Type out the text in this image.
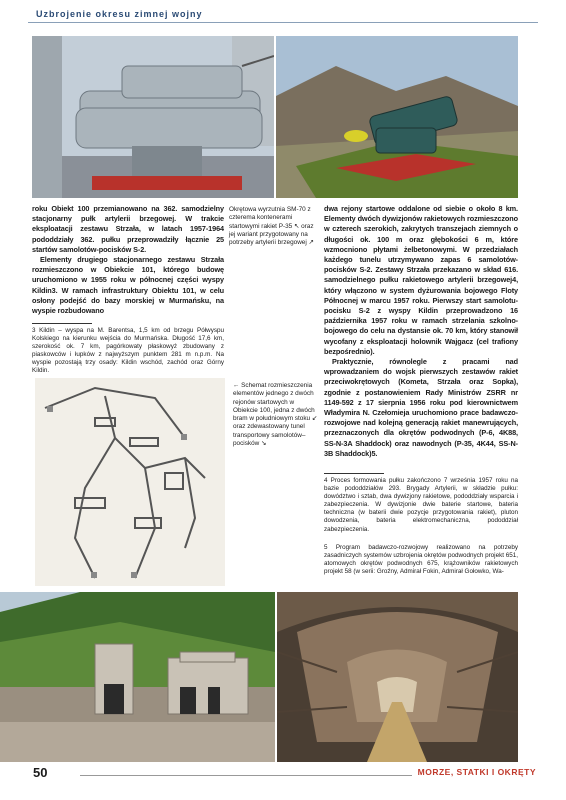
Uzbrojenie okresu zimnej wojny

roku Obiekt 100 przemianowano na 362. samodzielny stacjonarny pułk artylerii brzegowej. W trakcie eksploatacji zestawu Strzała, w latach 1957-1964 pododdziały 362. pułku przeprowadziły łącznie 25 startów samolotów-pocisków S-2.

Elementy drugiego stacjonarnego zestawu Strzała rozmieszczono w Obiekcie 101, którego budowę uruchomiono w 1955 roku w północnej części wyspy Kildin3. W ramach infrastruktury Obiektu 101, w celu osłony podejść do bazy morskiej w Murmańsku, na wyspie rozbudowano

3 Kildin – wyspa na M. Barentsa, 1,5 km od brzegu Półwyspu Kolskiego na kierunku wejścia do Murmańska. Długość 17,6 km, szerokość ok. 7 km, pagórkowaty płaskowyż zbudowany z piaskowców i łupków z najwyższym punktem 281 m n.p.m. Na wyspie pozostają trzy osady: Kildin wschód, zachód oraz Górny Kildin.

Okrętowa wyrzutnia SM-70 z czterema kontenerami startowymi rakiet P-35 ↖ oraz jej wariant przygotowany na potrzeby artylerii brzegowej ↗

← Schemat rozmieszczenia elementów jednego z dwóch rejonów startowych w Obiekcie 100, jedna z dwóch bram w południowym stoku ↙ oraz zdewastowany tunel transportowy samolotów–pocisków ↘

dwa rejony startowe oddalone od siebie o około 8 km. Elementy dwóch dywizjonów rakietowych rozmieszczono w czterech szerokich, zakrytych transzejach ziemnych o długości ok. 100 m oraz głębokości 6 m, które wzmocniono płytami żelbetonowymi. W przedziałach każdego tunelu utrzymywano zapas 6 samolotów-pocisków S-2. Zestawy Strzała przekazano w skład 616. samodzielnego pułku rakietowego artylerii brzegowej4, który włączono w system dyżurowania bojowego Floty Północnej w marcu 1957 roku. Pierwszy start samolotu-pocisku S-2 z wyspy Kildin przeprowadzono 16 października 1957 roku w ramach strzelania szkolno-bojowego do celu na dystansie ok. 70 km, który stanowił wycofany z eksploatacji holownik Wajgacz (cel trafiony bezpośrednio).

Praktycznie, równolegle z pracami nad wprowadzaniem do wojsk pierwszych zestawów rakiet przeciwokrętowych (Kometa, Strzała oraz Sopka), zgodnie z postanowieniem Rady Ministrów ZSRR nr 1149-592 z 17 sierpnia 1956 roku pod kierownictwem Władymira N. Czełomieja uruchomiono prace badawczo-rozwojowe nad kolejną generacją rakiet manewrujących, przeznaczonych dla okrętów podwodnych (P-6, 4K88, SS-N-3A Shaddock) oraz nawodnych (P-35, 4K44, SS-N-3B Shaddock)5.

4 Proces formowania pułku zakończono 7 września 1957 roku na bazie pododdziałów 293. Brygady Artylerii, w składzie pułku: dowództwo i sztab, dwa dywizjony rakietowe, pododdziały wsparcia i zabezpieczenia. W dywizjonie dwie baterie startowe, bateria techniczna (w baterii dwie pozycje przygotowania rakiet), pluton dowodzenia, bateria elektromechaniczna, pododdział zabezpieczenia.

5 Program badawczo-rozwojowy realizowano na potrzeby zasadniczych systemów uzbrojenia okrętów podwodnych projekt 651, atomowych okrętów podwodnych 675, krążowników rakietowych projekt 58 (w serii: Groźny, Admirał Fokin, Admirał Gołowko, Wa-

50	MORZE, STATKI I OKRĘTY
